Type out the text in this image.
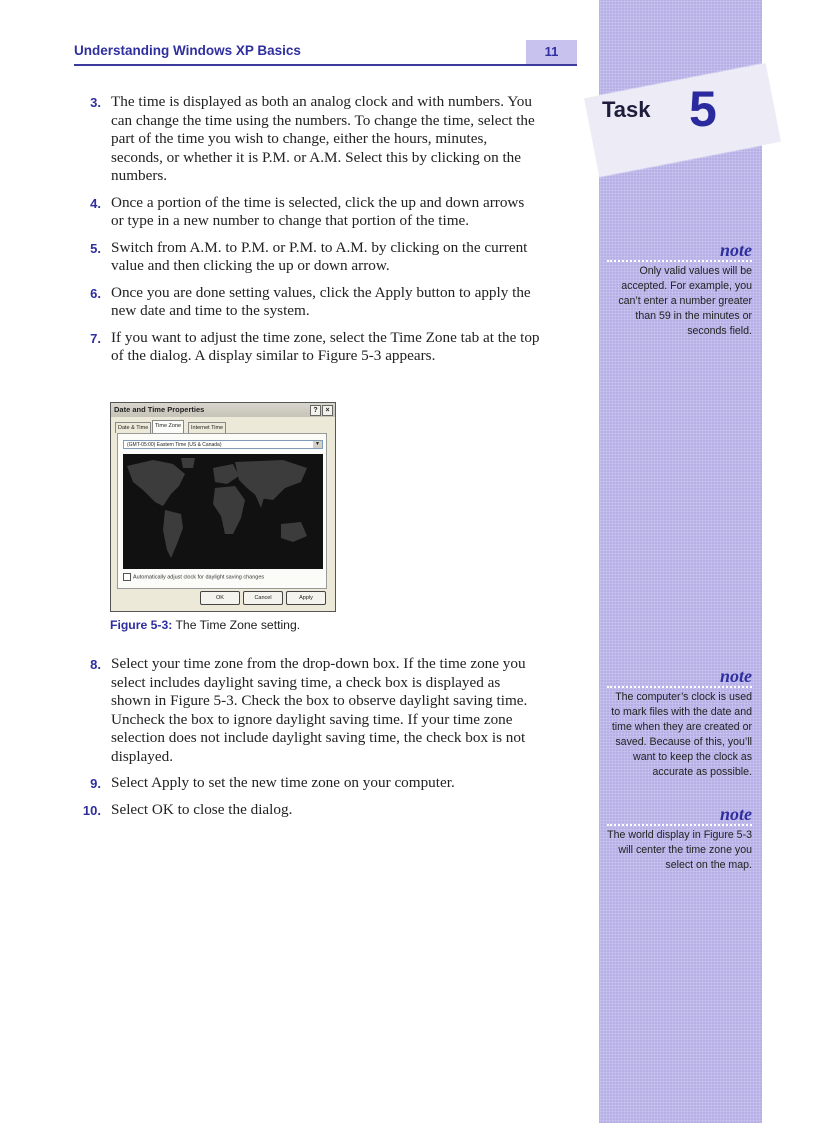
Understanding Windows XP Basics	11
Task 5
3. The time is displayed as both an analog clock and with numbers. You can change the time using the numbers. To change the time, select the part of the time you wish to change, either the hours, minutes, seconds, or whether it is P.M. or A.M. Select this by clicking on the numbers.
4. Once a portion of the time is selected, click the up and down arrows or type in a new number to change that portion of the time.
5. Switch from A.M. to P.M. or P.M. to A.M. by clicking on the current value and then clicking the up or down arrow.
6. Once you are done setting values, click the Apply button to apply the new date and time to the system.
7. If you want to adjust the time zone, select the Time Zone tab at the top of the dialog. A display similar to Figure 5-3 appears.
Date and Time Properties	?	×
Date & Time	Time Zone	Internet Time
(GMT-05:00) Eastern Time (US & Canada)	▼
Automatically adjust clock for daylight saving changes
OK	Cancel	Apply
Figure 5-3: The Time Zone setting.
8. Select your time zone from the drop-down box. If the time zone you select includes daylight saving time, a check box is displayed as shown in Figure 5-3. Check the box to observe daylight saving time. Uncheck the box to ignore daylight saving time. If your time zone selection does not include daylight saving time, the check box is not displayed.
9. Select Apply to set the new time zone on your computer.
10. Select OK to close the dialog.
note
Only valid values will be accepted. For example, you can’t enter a number greater than 59 in the minutes or seconds field.
note
The computer’s clock is used to mark files with the date and time when they are created or saved. Because of this, you’ll want to keep the clock as accurate as possible.
note
The world display in Figure 5-3 will center the time zone you select on the map.
